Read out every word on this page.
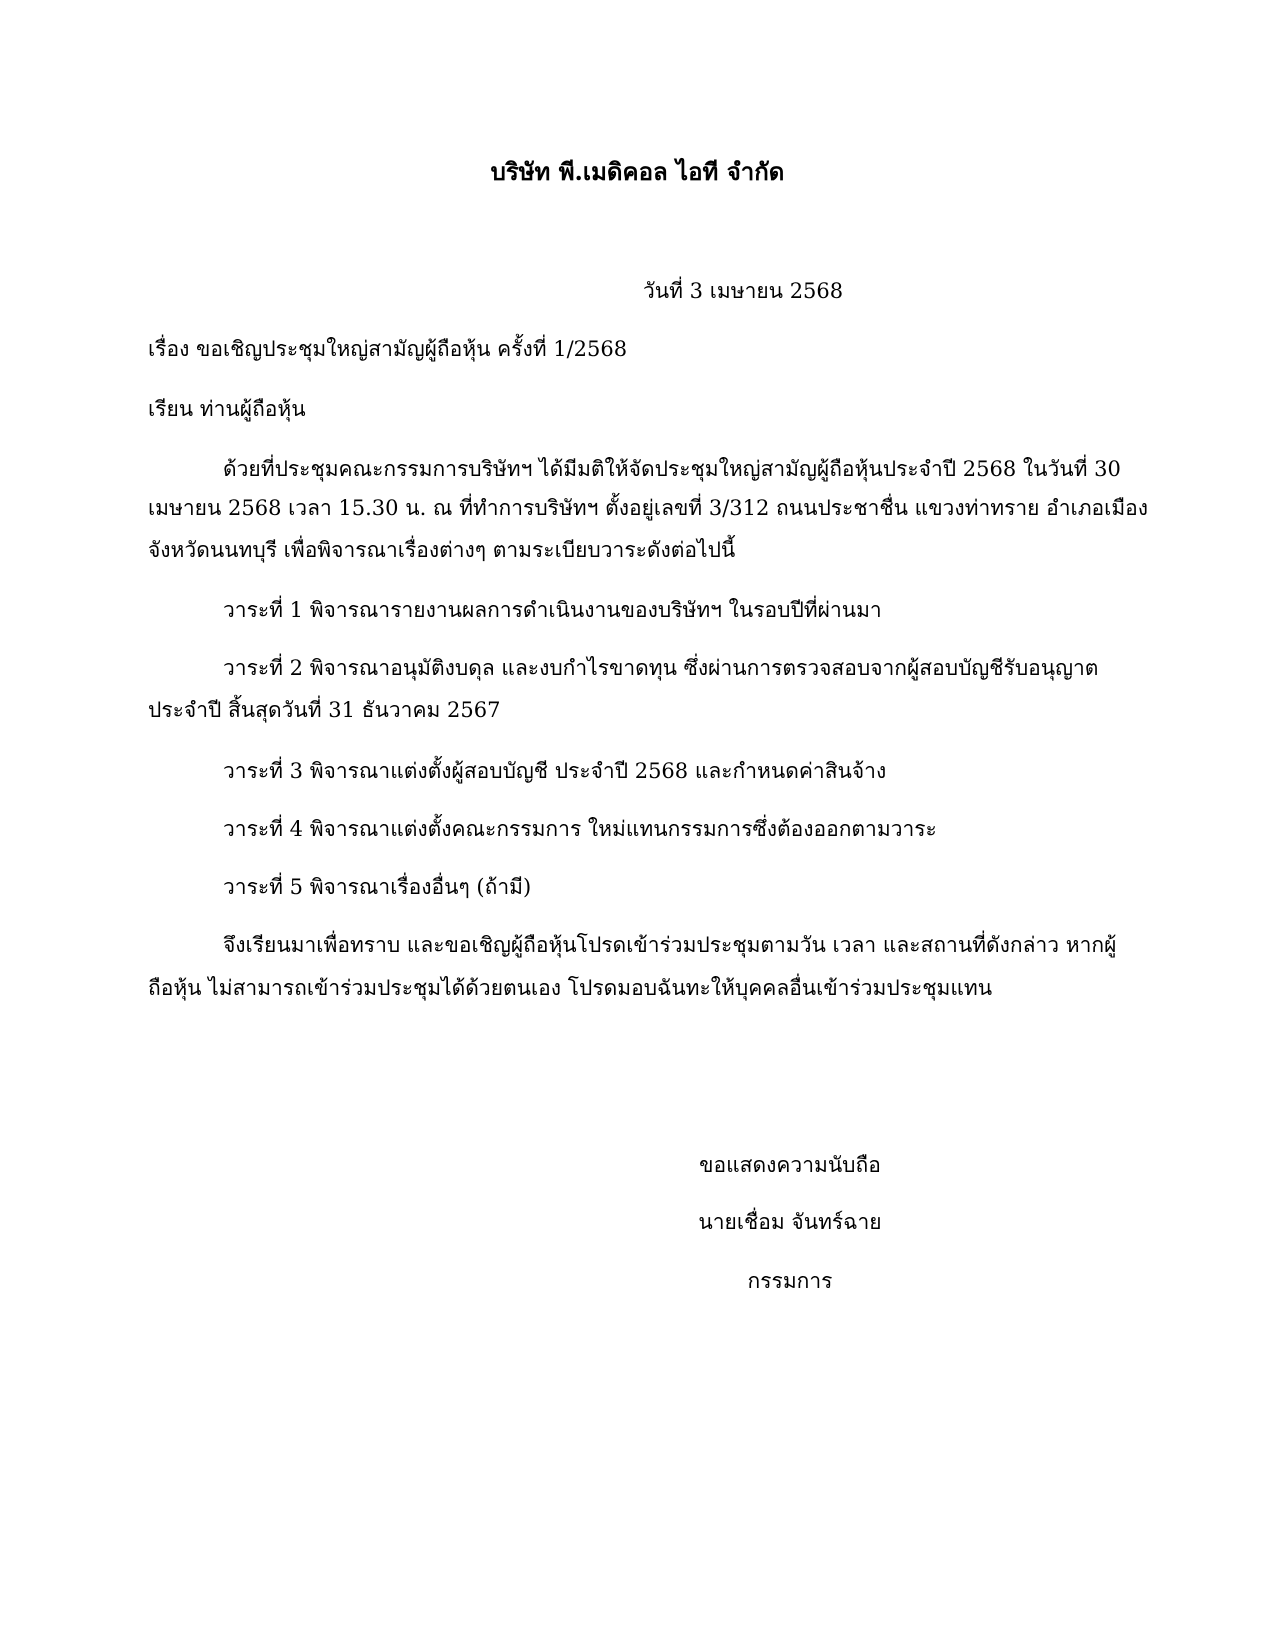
บริษัท พี.เมดิคอล ไอที จำกัด
วันที่ 3 เมษายน 2568
เรื่อง ขอเชิญประชุมใหญ่สามัญผู้ถือหุ้น ครั้งที่ 1/2568
เรียน ท่านผู้ถือหุ้น
ด้วยที่ประชุมคณะกรรมการบริษัทฯ ได้มีมติให้จัดประชุมใหญ่สามัญผู้ถือหุ้นประจำปี 2568 ในวันที่ 30
เมษายน 2568 เวลา 15.30 น. ณ ที่ทำการบริษัทฯ ตั้งอยู่เลขที่ 3/312 ถนนประชาชื่น แขวงท่าทราย อำเภอเมือง
จังหวัดนนทบุรี เพื่อพิจารณาเรื่องต่างๆ ตามระเบียบวาระดังต่อไปนี้
วาระที่ 1 พิจารณารายงานผลการดำเนินงานของบริษัทฯ ในรอบปีที่ผ่านมา
วาระที่ 2 พิจารณาอนุมัติงบดุล และงบกำไรขาดทุน ซึ่งผ่านการตรวจสอบจากผู้สอบบัญชีรับอนุญาต
ประจำปี สิ้นสุดวันที่ 31 ธันวาคม 2567
วาระที่ 3 พิจารณาแต่งตั้งผู้สอบบัญชี ประจำปี 2568 และกำหนดค่าสินจ้าง
วาระที่ 4 พิจารณาแต่งตั้งคณะกรรมการ ใหม่แทนกรรมการซึ่งต้องออกตามวาระ
วาระที่ 5 พิจารณาเรื่องอื่นๆ (ถ้ามี)
จึงเรียนมาเพื่อทราบ และขอเชิญผู้ถือหุ้นโปรดเข้าร่วมประชุมตามวัน เวลา และสถานที่ดังกล่าว หากผู้
ถือหุ้น ไม่สามารถเข้าร่วมประชุมได้ด้วยตนเอง โปรดมอบฉันทะให้บุคคลอื่นเข้าร่วมประชุมแทน
ขอแสดงความนับถือ
นายเชื่อม จันทร์ฉาย
กรรมการ
